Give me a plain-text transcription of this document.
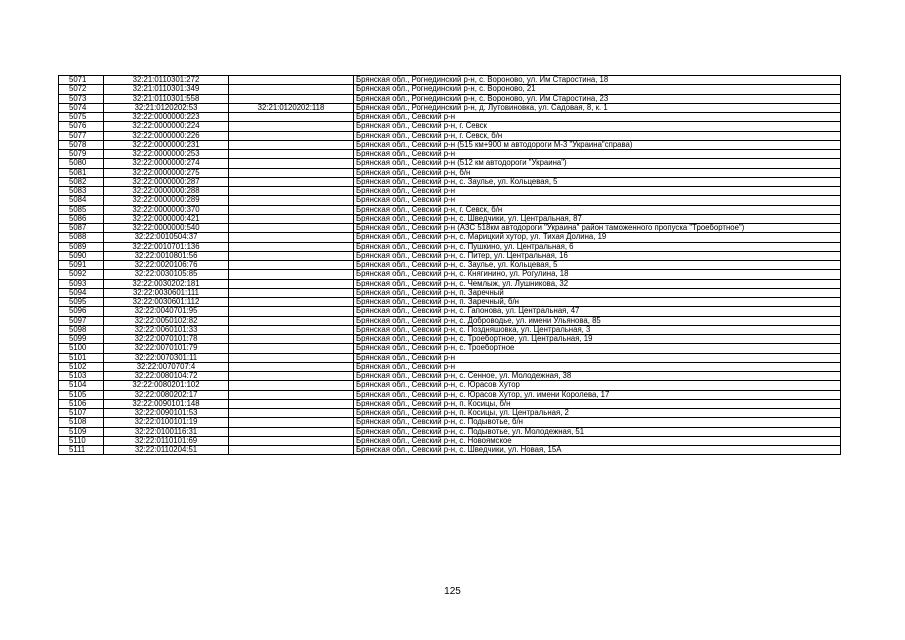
5071	32:21:0110301:272		Брянская обл., Рогнединский р-н, с. Вороново, ул. Им Старостина, 18
5072	32:21:0110301:349		Брянская обл., Рогнединский р-н, с. Вороново, 21
5073	32:21:0110301:558		Брянская обл., Рогнединский р-н, с. Вороново, ул. Им Старостина, 23
5074	32:21:0120202:53	32:21:0120202:118	Брянская обл., Рогнединский р-н, д. Лутовиновка, ул. Садовая, 8, к. 1
5075	32:22:0000000:223		Брянская обл., Севский р-н
5076	32:22:0000000:224		Брянская обл., Севский р-н, г. Севск
5077	32:22:0000000:226		Брянская обл., Севский р-н, г. Севск, б/н
5078	32:22:0000000:231		Брянская обл., Севский р-н (515 км+900 м автодороги М-3 "Украина"справа)
5079	32:22:0000000:253		Брянская обл., Севский р-н
5080	32:22:0000000:274		Брянская обл., Севский р-н (512 км автодороги "Украина")
5081	32:22:0000000:275		Брянская обл., Севский р-н, б/н
5082	32:22:0000000:287		Брянская обл., Севский р-н, с. Заулье, ул. Кольцевая, 5
5083	32:22:0000000:288		Брянская обл., Севский р-н
5084	32:22:0000000:289		Брянская обл., Севский р-н
5085	32:22:0000000:370		Брянская обл., Севский р-н, г. Севск, б/н
5086	32:22:0000000:421		Брянская обл., Севский р-н, с. Шведчики, ул. Центральная, 87
5087	32:22:0000000:540		Брянская обл., Севский р-н (АЗС 518км автодороги "Украина" район таможенного пропуска "Троебортное")
5088	32:22:0010504:37		Брянская обл., Севский р-н, с. Марицкий хутор, ул. Тихая Долина, 19
5089	32:22:0010701:136		Брянская обл., Севский р-н, с. Пушкино, ул. Центральная, 6
5090	32:22:0010801:56		Брянская обл., Севский р-н, с. Питер, ул. Центральная, 16
5091	32:22:0020106:76		Брянская обл., Севский р-н, с. Заулье, ул. Кольцевая, 5
5092	32:22:0030105:85		Брянская обл., Севский р-н, с. Княгинино, ул. Рогулина, 18
5093	32:22:0030202:181		Брянская обл., Севский р-н, с. Чемлыж, ул. Лушникова, 32
5094	32:22:0030601:111		Брянская обл., Севский р-н, п. Заречный
5095	32:22:0030601:112		Брянская обл., Севский р-н, п. Заречный, б/н
5096	32:22:0040701:95		Брянская обл., Севский р-н, с. Гапонова, ул. Центральная, 47
5097	32:22:0050102:82		Брянская обл., Севский р-н, с. Доброводье, ул. имени Ульянова, 85
5098	32:22:0060101:33		Брянская обл., Севский р-н, с. Поздняшовка, ул. Центральная, 3
5099	32:22:0070101:78		Брянская обл., Севский р-н, с. Троебортное, ул. Центральная, 19
5100	32:22:0070101:79		Брянская обл., Севский р-н, с. Троебортное
5101	32:22:0070301:11		Брянская обл., Севский р-н
5102	32:22:0070707:4		Брянская обл., Севский р-н
5103	32:22:0080104:72		Брянская обл., Севский р-н, с. Сенное, ул. Молодежная, 38
5104	32:22:0080201:102		Брянская обл., Севский р-н, с. Юрасов Хутор
5105	32:22:0080202:17		Брянская обл., Севский р-н, с. Юрасов Хутор, ул. имени Королева, 17
5106	32:22:0090101:148		Брянская обл., Севский р-н, п. Косицы, б/н
5107	32:22:0090101:53		Брянская обл., Севский р-н, п. Косицы, ул. Центральная, 2
5108	32:22:0100101:19		Брянская обл., Севский р-н, с. Подывотье, б/н
5109	32:22:0100116:31		Брянская обл., Севский р-н, с. Подывотье, ул. Молодежная, 51
5110	32:22:0110101:69		Брянская обл., Севский р-н, с. Новоямское
5111	32:22:0110204:51		Брянская обл., Севский р-н, с. Шведчики, ул. Новая, 15А
125
